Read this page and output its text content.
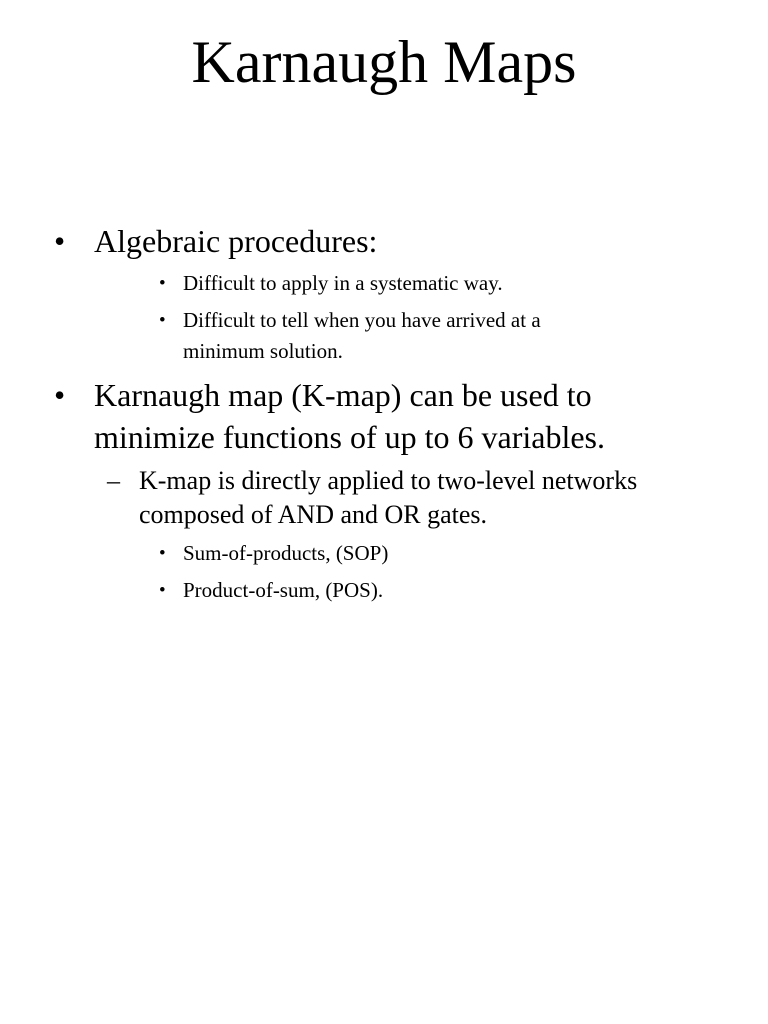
Karnaugh Maps
• Algebraic procedures:
• Difficult to apply in a systematic way.
• Difficult to tell when you have arrived at a
minimum solution.
• Karnaugh map (K-map) can be used to
minimize functions of up to 6 variables.
– K-map is directly applied to two-level networks
composed of AND and OR gates.
• Sum-of-products, (SOP)
• Product-of-sum, (POS).
